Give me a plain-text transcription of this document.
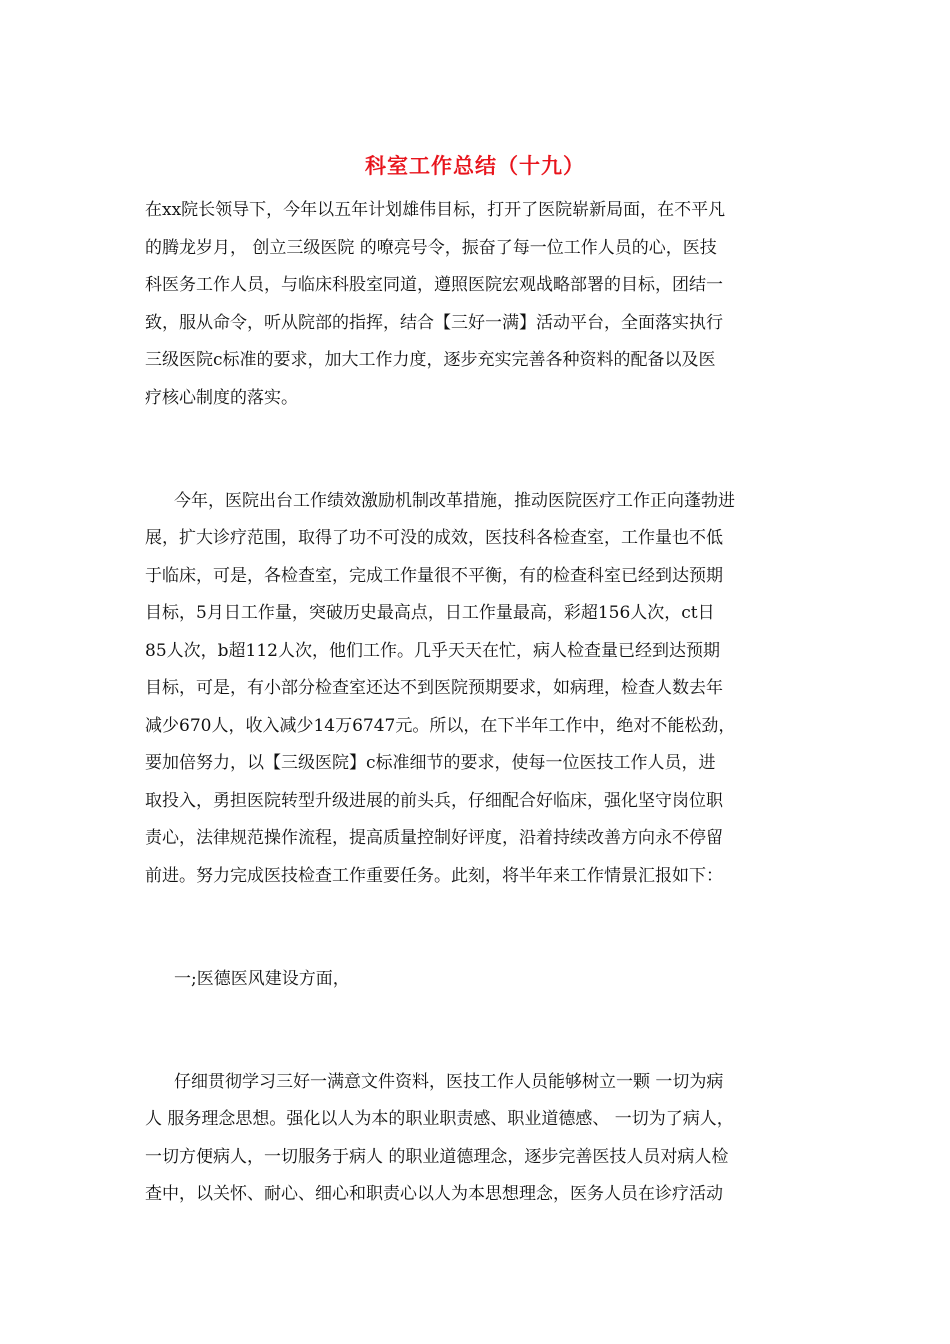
科室工作总结（十九）
在xx院长领导下，今年以五年计划雄伟目标，打开了医院崭新局面，在不平凡
的腾龙岁月， 创立三级医院 的嘹亮号令，振奋了每一位工作人员的心，医技
科医务工作人员，与临床科股室同道，遵照医院宏观战略部署的目标，团结一
致，服从命令，听从院部的指挥，结合【三好一满】活动平台，全面落实执行
三级医院c标准的要求，加大工作力度，逐步充实完善各种资料的配备以及医
疗核心制度的落实。
今年，医院出台工作绩效激励机制改革措施，推动医院医疗工作正向蓬勃进
展，扩大诊疗范围，取得了功不可没的成效，医技科各检查室，工作量也不低
于临床，可是，各检查室，完成工作量很不平衡，有的检查科室已经到达预期
目标，5月日工作量，突破历史最高点，日工作量最高，彩超156人次，ct日
85人次，b超112人次，他们工作。几乎天天在忙，病人检查量已经到达预期
目标，可是，有小部分检查室还达不到医院预期要求，如病理，检查人数去年
减少670人，收入减少14万6747元。所以，在下半年工作中，绝对不能松劲，
要加倍努力，以【三级医院】c标准细节的要求，使每一位医技工作人员，进
取投入，勇担医院转型升级进展的前头兵，仔细配合好临床，强化坚守岗位职
责心，法律规范操作流程，提高质量控制好评度，沿着持续改善方向永不停留
前进。努力完成医技检查工作重要任务。此刻，将半年来工作情景汇报如下：
一;医德医风建设方面，
仔细贯彻学习三好一满意文件资料，医技工作人员能够树立一颗 一切为病
人 服务理念思想。强化以人为本的职业职责感、职业道德感、 一切为了病人，
一切方便病人，一切服务于病人 的职业道德理念，逐步完善医技人员对病人检
查中，以关怀、耐心、细心和职责心以人为本思想理念，医务人员在诊疗活动
